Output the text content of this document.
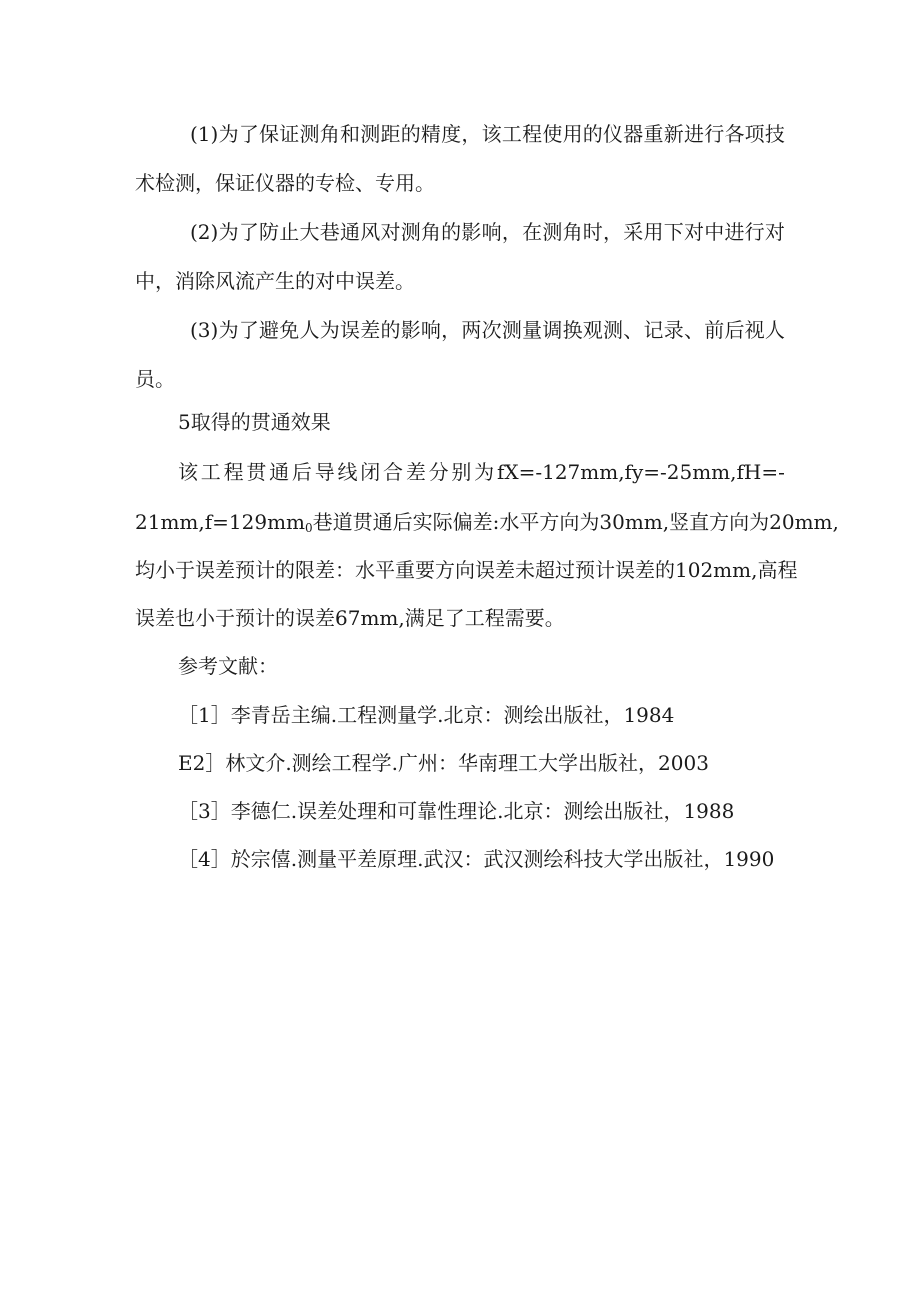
(1) 为 了 保 证 测 角 和 测 距 的 精 度 ， 该 工 程 使 用 的 仪 器 重 新 进 行 各 项 技
术检测，保证仪器的专检、专用。
(2) 为 了 防 止 大 巷 通 风 对 测 角 的 影 响 ， 在 测 角 时 ， 采 用 下 对 中 进 行 对
中，消除风流产生的对中误差。
(3) 为 了 避 免 人 为 误 差 的 影 响 ， 两 次 测 量 调 换 观 测 、 记 录 、 前 后 视 人
员。
5取得的贯通效果
该 工 程 贯 通 后 导 线 闭 合 差 分 别 为 fX=-127mm,fy=-25mm,fH=-
$21mm,f=129mm_0$ 巷道贯通后实际偏差:水平方向为30mm,竖直方向为20mm,
均 小 于 误 差 预 计 的 限 差 ： 水 平 重 要 方 向 误 差 未 超 过 预 计 误 差 的 102mm, 高 程
误差也小于预计的误差67mm,满足了工程需要。
参考文献：
［1］李青岳主编.工程测量学.北京：测绘出版社，1984
E2］林文介.测绘工程学.广州：华南理工大学出版社，2003
［3］李德仁.误差处理和可靠性理论.北京：测绘出版社，1988
［4］於宗僖.测量平差原理.武汉：武汉测绘科技大学出版社，1990
